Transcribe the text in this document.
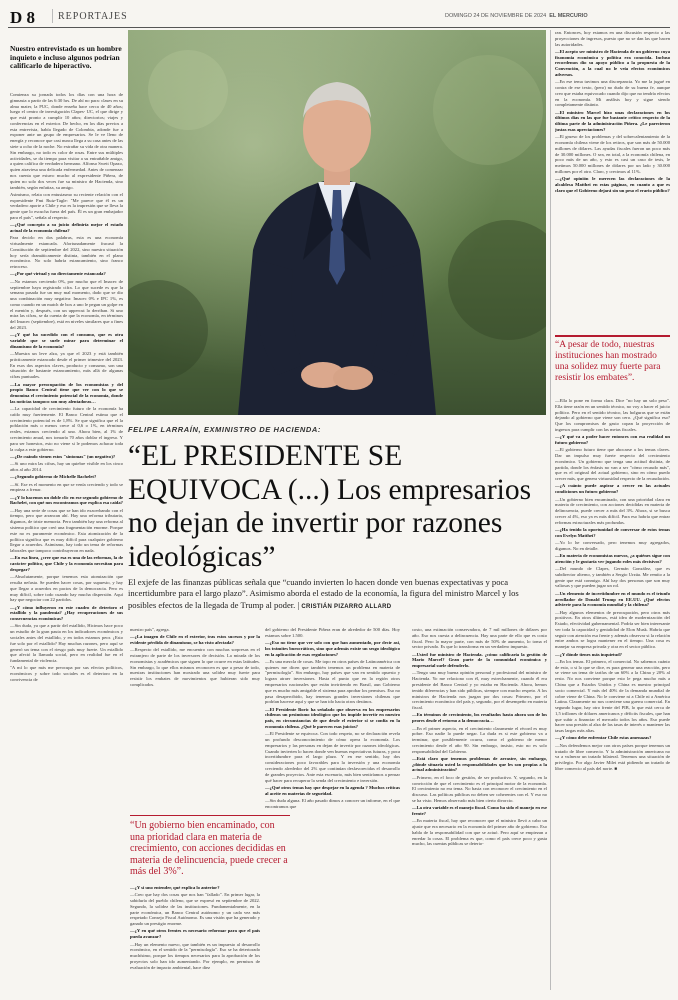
D 8 REPORTAJES	DOMINGO 24 DE NOVIEMBRE DE 2024 EL MERCURIO
Nuestro entrevistado es un hombre inquieto e incluso algunos podrían calificarlo de hiperactivo.

Comienza su jornada todos los días con una hora de gimnasia a partir de las 6:30 hrs. De ahí no para: clases en su alma mater, la PUC, donde enseña hace cerca de 40 años; luego el centro de investigación Clapes- UC, el que dirige y que está pronto a cumplir 10 años; directorios; viajes y conferencias en el exterior. De hecho, en los días previos a esta entrevista, había llegado de Colombia, adonde fue a exponer ante un grupo de empresarios. Se le ve lleno de energía y reconoce que casi nunca llega a su casa antes de las siete u ocho de la noche. No extrañar su vida de otra manera. Sin embargo, no todo es color de rosas. Entre sus múltiples actividades, se da tiempo para visitar a su entrañable amigo, a quien califica de verdadero hermano. Alfonso Swett Opazo, quien atraviesa una delicada enfermedad. Antes de comenzar nos cuenta que estuvo mucho al expresidente Piñera, de quien no solo dos veces fue su ministro de Hacienda, sino también, según enfatiza, su amigo.

Asimismo, relata con entusiasmo su reciente relación con el expresidente Fmi Ruiz-Tagle: "Me parece que él es un verdadero aporte a Chile y eso es la impresión que se lleva la gente que lo escucha fuera del país. Él es un gran embajador para el país", señala al respecto.

—¿Qué concepto a su juicio definiría mejor el estado actual de la economía chilena?

Para decirlo en dos palabras, esta es una economía virtualmente estancada. Afortunadamente fracasó la Constitución de septiembre del 2022, sino nuestra situación hoy sería dramáticamente distinta, también en el plano económico. No solo habría estancamiento, sino franco retroceso.

—¿Por qué virtual y no directamente estancada?

—No estamos creciendo 0%, por mucho que el Imacec de septiembre haya registrado cifra. Lo que sucede es que la semana pasada fue un muy mal momento, dado que se dio una combinación muy negativa: Imacec 0% e IPC 1%, es como cuando en un match de box a uno le pegan un golpe en el mentón y, después, con un uppercut lo derriban. Si uno mira las cifras, se da cuenta de que la economía, en términos del Imacec (septiembre), está en niveles similares que a fines del 2023.

—¿Y qué ha sucedido con el consumo, que es otra variable que se suele mirar para determinar el dinamismo de la economía?

—Muestra un leve alza, ya que el 2023 y está también prácticamente estancado desde el primer trimestre del 2023. En esos dos aspectos claves, producto y consumo, son una situación de bastante estancamiento, más allá de algunas cifras puntuales.

—La mayor preocupación de los economistas y del propio Banco Central tiene que ver con lo que se denomina el crecimiento potencial de la economía, donde las noticias tampoco son muy alentadoras…

—La capacidad de crecimiento futuro de la economía ha caído muy fuertemente. El Banco Central estima que el crecimiento potencial es de 1,8%. Se que significa que el la población más o menos crece al 0,6 o 1%, en términos reales, estamos creciendo al uno. Ahora bien, al 1% de crecimiento anual, nos tomaría 70 años doblar el ingreso. Y para ser honestos, esto no viene si le podemos achacar toda la culpa a este gobierno.

—¿De cuándo vienen estos "síntomas" (un negativo)?

—Si uno mira las cifras, hay un quiebre visible en los cinco años al año 2014.

—¿Segundo gobierno de Michelle Bachelet?

—Sí. Ese es el momento en que se venía creciendo y todo se empieza a frenar.

—¿Y lo hacemos un doble clic en ese segundo gobierno de Bachelet, con qué nos encontramos que explica esa caída?

—Hay una serie de cosas que se han ido exacerbando con el tiempo, pero que arrancan ahí. Hay una reforma tributaria, digamos, de triste memoria. Pero también hay una reforma al sistema político que creó una fragmentación enorme. Porque este no es puramente económico. Esta atomización de la política significa que es muy difícil para cualquier gobierno llegar a acuerdos. Asimismo, hay todo un tema de reformas laborales que tampoco contribuyeron en nada.

—En esa línea, ¿cree que esa es una de las reformas, la de carácter político, que Chile y la economía necesitan para despegar?

—Absolutamente, porque tenemos esta atomización que resulta nefasta. Se pueden hacer cosas, por supuesto, y hay que llegar a acuerdos en pactos de la democracia. Pero es muy difícil, sobre todo cuando hay mucha dispersión. Aquí hay que negociar con 22 partidos.

—¿Y cómo influyeron en este cuadro de deterioro el estallido y la pandemia? ¿Hay recuperaciones de sus consecuencias económicas?

—Sin duda, ya que a partir del estallido, Hicimos hace poco un estudio de la gran pauta en los indicadores económicos y sociales antes del estallido, y en todos estamos peor. ¿Esto fue solo por el estallido? Hay muchas razones, pero aquí se generó un tema con el riesgo país muy fuerte. Un estallido que afectó la llamada social, pero en realidad fue en el fundamental de violencia.

"A mí lo que más me preocupa por sus efectos políticos, económicos y sobre todo sociales es el deterioro en la convivencia de

ran. Entonces, hoy estamos en una discusión respecto a las proyecciones de ingresos, puesto que no se dan las que hacen las autoridades.

—El acepto ser ministro de Hacienda de un gobierno cuya fisonomía económica y política era conocida. Incluso recordemos dio su apoyo público a la propuesta de la Convención, a la cual no le veía efectos económicos adversos.

—En ese tema tuvimos una discrepancia. Yo me la jugué en contra de ese texto, (pero) no dudo de su buena fe, aunque creo que estaba equivocado cuando dijo que no tendría efectos en la economía. Mi análisis hoy y sigue siendo completamente distinto.

—El ministro Marcel hizo unas declaraciones en los últimos días en las que fue bastante crítico respecto de la última parte de la administración Piñera. ¿Le parecieron justas esas apreciaciones?

—El grueso de los problemas y del sobrecalentamiento de la economía chilena viene de los retiros, que son más de 50.000 millones de dólares. Las ayudas fiscales fueron un poco más de 30.000 millones. O sea, en total, a la economía chilena, en poco más de un año, y esto es casi un caso de tesis, le metimos 50.000 millones de dólares por un lado y 30.000 millones por el otro. Claro, y crecimos al 11%.

—¿Qué opinión le merecen las declaraciones de la alcaldesa Matthei en estas páginas, en cuanto a que es claro que el Gobierno dejará sin un peso el erario público?

“A pesar de todo, nuestras instituciones han mostrado una solidez muy fuerte para resistir los embates”.

—Ella lo pone en forma clara. Dice "no hay un solo peso". Ella tiene razón en un sentido técnico, no voy a hacer el juicio político. Pero en el sentido técnico, las holguras que se están dejando al gobierno que viene son cero. ¿Qué significa eso? Que los compromisos de gasto copan la proyección de ingresos para cumplir con las metas fiscales.

—¿Y qué va a poder hacer entonces con esa realidad un futuro gobierno?

—El gobierno futuro tiene que abocarse a los temas claves. Dar un impulso muy fuerte respecto del crecimiento económico. Un gobierno que tenga una actitud distinta, de partida, donde los énfasis no van a ser "cómo recaudo más", que es el original del actual gobierno, sino en cómo puedo crecer más, que genera virtuosidad respecto de la recaudación.

—¿A cuánto puede aspirar a crecer en las actuales condiciones un futuro gobierno?

—Un gobierno bien encaminado, con una prioridad clara en materia de crecimiento, con acciones decididas en materia de delincuencia, puede crecer a más del 3%. Ahora, si se busca crecer al 4%, eso ya es más difícil. Para eso habría que entrar reformas estructurales más profundas.

—¿Ha tenido la oportunidad de conversar de estos temas con Evelyn Matthei?

—Yo lo he conversado, pero tenemos muy agregados, digamos. No en detalle.

—En materia de economistas nuevos, ¿a quiénes sigue con atención y le gustaría ver jugando roles más decisivos?

—Del mundo de Clapes, Germán González, que es subdirector alterno, y también a Sergio Urzúa. Me remito a la gente que está conmigo. Ahí hay dos personas que son muy valiosas y que pueden jugar un rol.

—Un elemento de incertidumbre en el mundo es el triunfo arrollador de Donald Trump en EE.UU. ¿Qué efectos advierte para la economía mundial y la chilena?

—Hay algunos elementos de preocupación, pero otros más positivos. En otros últimos, está idea de modernización del Estado, efectividad gubernamental. Podría ser bien interesante ver toda la capacidad y genialidad de Elon Musk. Habría que seguir con atención esa frente y además observar si la relación entre ambos se logra mantener en el tiempo. Una cosa es manejar su empresa privada y otra en el sector público.

—¿Y dónde tienes más inquietud?

—En los temas. El primero, el comercial. No sabemos cuánto de esto, o si lo que se dice, es para generar una reacción, pero se viene un tema de tarifas de un 60% a la China y 20% al resto. No nos conviene porque esto le pega mucho más a China que a Estados Unidos y China es nuestro principal socio comercial. Y más del 40% de la demanda mundial de cobre viene de China. No le conviene ni a Chile ni a América Latina. Claramente no nos conviene una guerra comercial. En segundo lugar, hay otro frente del PIB, lo que está cerca de 1,5 trillones de dólares americanos y déficits fiscales, que han que subir a financiar el mercado todos los años. Eso puede hacer una presión al alza de las tasas de interés o mantener las tasas largas más altas.

—¿Y cómo debe enfrentar Chile estas amenazas?

—Nos defendemos mejor con otros países porque tenemos un tratado de libre comercio. Y la administración americana no va a vulnerar un tratado bilateral. Tenemos una situación de privilegio. Por algo Javier Milei está pidiendo un tratado de libre comercio al país del norte. ■

FELIPE LARRAÍN, EXMINISTRO DE HACIENDA:
“EL PRESIDENTE SE EQUIVOCA (...) Los empresarios no dejan de invertir por razones ideológicas”
El exjefe de las finanzas públicas señala que “cuando invierten lo hacen donde ven buenas expectativas y poca incertidumbre para el largo plazo”. Asimismo aborda el estado de la economía, la figura del ministro Marcel y los posibles efectos de la llegada de Trump al poder. | CRISTIÁN PIZARRO ALLARD

nuestro país", agrega.

—¿La imagen de Chile en el exterior, tras estos sucesos y por la evidente pérdida de dinamismo, se ha visto afectada?

—Respecto del estallido, me encuentro con muchas sorpresas en el extranjero de parte de los inversores de decisión. La mirada de los economistas y académicos que siguen lo que ocurre en estas latitudes. Sin embargo, lo que ellos mismos reconocen es que a pesar de todo, nuestras instituciones han mostrado una solidez muy fuerte para resistir los embates de movimientos que hubieran sido muy complicados.

“Un gobierno bien encaminado, con una prioridad clara en materia de crecimiento, con acciones decididas en materia de delincuencia, puede crecer a más del 3%”.

—¿Y si uno entender, qué explica lo anterior?

—Creo que hay dos cosas que nos han "fallado". En primer lugar, la sabiduría del pueblo chileno, que se expresó en septiembre de 2022. Segundo, la solidez de las instituciones. Fundamentalmente, en la parte económica, un Banco Central autónomo y un cada vez más respetado Consejo Fiscal Autónomo. Es una visión que ha generado y ganado un prestigio enorme.

—¿Y en qué otros frentes es necesario reformar para que el país pueda avanzar?

—Hay un elemento nuevo, que también es un impuesto al desarrollo económico, en el sentido de la "permisología". Eso se ha deteriorado muchísimo, porque los tiempos necesarios para la aprobación de los proyectos solo han ido aumentando. Por ejemplo, en permisos de evaluación de impacto ambiental, hace diez

del gobierno del Presidente Piñera eran de alrededor de 500 días. Hoy estamos sobre 1.500.

—¿Eso no tiene que ver solo con que han aumentado, por decir así, los trámites burocráticos, sino que además existe un sesgo ideológico en la aplicación de esas regulaciones?

—Es una mezcla de cosas. Me topo en otros países de Latinoamérica con quienes me dicen que también tenemos un problema en materia de "permisología". Sin embargo, hay países que van en sentido opuesto y logran atraer inversiones. Hasta el punto que en la región otros empresarios nacionales que están invirtiendo en Brasil, aun Gobierno que es mucho más amigable el sistema para aprobar los permisos. Eso no pasa desapercibido, hay tenemos grandes inversiones chilenas que podrían hacerse aquí y que se han ido hacia otros destinos.

—El Presidente Boric ha señalado que observa en los empresarios chilenos un pesimismo ideológico que los impide invertir en nuestro país, en circunstancias de que desde el exterior sí se confía en la economía chilena. ¿Qué le parecen esas juicios?

—El Presidente se equivoca. Con todo respeto, no se declaración revela un profundo desconocimiento de cómo opera la economía. Los empresarios y las personas en dejan de invertir por razones ideológicas. Cuando invierten lo hacen donde ven buenas expectativas futuras, y poca incertidumbre para el largo plazo. Y en ese sentido, hay dos consideraciones poco favorables para la inversión y una economía creciendo alrededor del 2% que continúan desfavorecidas el desarrollo de grandes proyectos. Ante esta escenario, más bien sentiríamos a pensar qué hacer para recuperar la senda del crecimiento e inversión.

—¿Qué otros temas hay que despejar en la agenda ? Muchos críticas al aceite en materias de seguridad.

—Sin duda alguna. El año pasado dimos a conocer un informe, en el que encontramos que

costo, una estimación conservadora, de 7 mil millones de dólares por año. Eso nos cuesta a delincuencia. Hay una parte de ello que es costo fiscal. Pero la mayor parte, con más de 50% de aumento, lo toma el sector privado. Es que lo transforma en un verdadero impuesto.

—Usted fue ministro de Hacienda. ¿cómo calificaría la gestión de Mario Marcel? Gran parte de la comunidad económica y empresarial suele defenderlo.

—Tengo una muy buena opinión personal y profesional del ministro de Hacienda. Yo me relaciono con él, muy estrechamente, cuando él era presidente del Banco Central y yo estaba en Hacienda. Ahora, hemos tenido diferencias y han sido públicas, siempre con mucho respeto. A los ministros de Hacienda nos juzgan por dos cosas: Primero, por el crecimiento económico del país y, segundo, por el desempeño en materia fiscal.

—En términos de crecimiento, los resultados hasta ahora son de los peores desde el retorno a la democracia…

—En el primer aspecto, en el crecimiento claramente el récord es muy pobre. Eso nadie lo puede negar. La duda es si este gobierno va a terminar, que posiblemente ocurra, como el gobierno de menor crecimiento desde el año 90. Sin embargo, insisto, esto no es solo responsabilidad del Gobierno.

—Está claro que tenemos problemas de arrastre, sin embargo, ¿dónde situaría usted la responsabilidades que les son propias a la actual administración?

—Primero, en el foco de gestión, de ser productivo. Y, segundo, en la convicción de que el crecimiento es el principal motor de la economía. El crecimiento no era tema. No basta con reconocer el crecimiento en el discurso. Las políticas públicas no deben ser coherentes con el. Y eso no se ha visto. Hemos observado más bien cierto divorcio.

—La otra variable es el manejo fiscal. Como ha sido el manejo en ese frente?

—En materia fiscal, hay que reconocer que el ministro llevó a cabo un ajuste que era necesario en la economía del primer año de gobierno. Eso habla de la responsabilidad con que se actuó. Pero aquí se empiezan a enredar la cosas. El problema es que, como el país crece poco y gasta mucho, las cuentas públicas se deterio-
